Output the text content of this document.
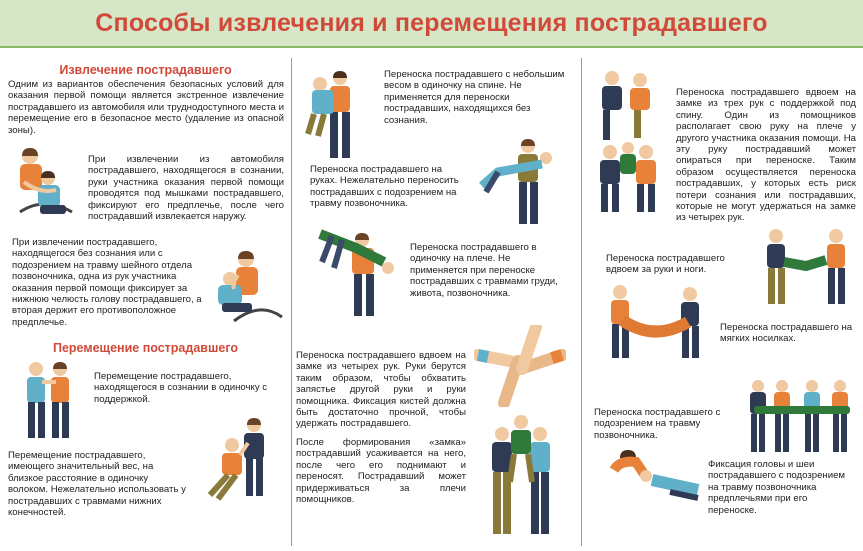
Способы извлечения и перемещения пострадавшего
Извлечение пострадавшего

Одним из вариантов обеспечения безопасных условий для оказания первой помощи является экстренное извлечение пострадавшего из автомобиля или труднодоступного места и перемещение его в безопасное место (удаление из опасной зоны).

При извлечении из автомобиля пострадавшего, находящегося в сознании, руки участника оказания первой помощи проводятся под мышками пострадавшего, фиксируют его предплечье, после чего пострадавший извлекается наружу.

При извлечении пострадавшего, находящегося без сознания или с подозрением на травму шейного отдела позвоночника, одна из рук участника оказания первой помощи фиксирует за нижнюю челюсть голову пострадавшего, а вторая держит его противоположное предплечье.

Перемещение пострадавшего

Перемещение пострадавшего, находящегося в сознании в одиночку с поддержкой.

Перемещение пострадавшего, имеющего значительный вес, на близкое расстояние в одиночку волоком. Нежелательно использовать у пострадавших с травмами нижних конечностей.

Переноска пострадавшего с небольшим весом в одиночку на спине. Не применяется для переноски пострадавших, находящихся без сознания.

Переноска пострадавшего на руках. Нежелательно переносить пострадавших с подозрением на травму позвоночника.

Переноска пострадавшего в одиночку на плече. Не применяется при переноске пострадавших с травмами груди, живота, позвоночника.

Переноска пострадавшего вдвоем на замке из четырех рук. Руки берутся таким образом, чтобы обхватить запястье другой руки и руки помощника. Фиксация кистей должна быть достаточно прочной, чтобы удержать пострадавшего.

После формирования «замка» пострадавший усаживается на него, после чего его поднимают и переносят. Пострадавший может придерживаться за плечи помощников.

Переноска пострадавшего вдвоем на замке из трех рук с поддержкой под спину. Один из помощников располагает свою руку на плече у другого участника оказания помощи. На эту руку пострадавший может опираться при переноске. Таким образом осуществляется переноска пострадавших, у которых есть риск потери сознания или пострадавших, которые не могут удержаться на замке из четырех рук.

Переноска пострадавшего вдвоем за руки и ноги.

Переноска пострадавшего на мягких носилках.

Переноска пострадавшего с подозрением на травму позвоночника.

Фиксация головы и шеи пострадавшего с подозрением на травму позвоночника предплечьями при его переноске.
